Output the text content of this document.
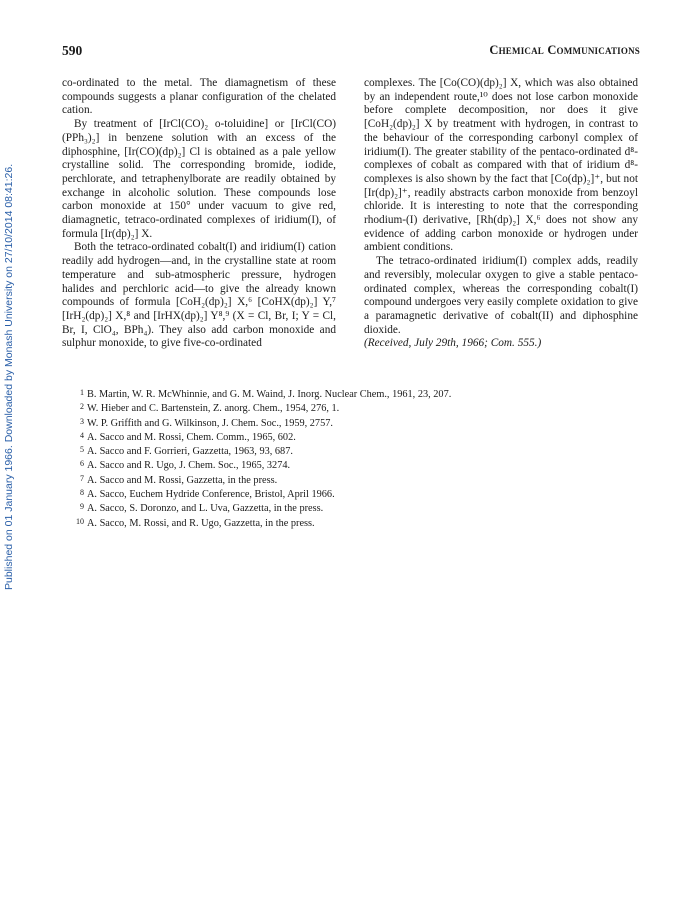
Published on 01 January 1966. Downloaded by Monash University on 27/10/2014 08:41:26.
590	Chemical Communications

co-ordinated to the metal. The diamagnetism of these compounds suggests a planar configuration of the chelated cation.

By treatment of [IrCl(CO)₂ o-toluidine] or [IrCl(CO)(PPh₃)₂] in benzene solution with an excess of the diphosphine, [Ir(CO)(dp)₂] Cl is obtained as a pale yellow crystalline solid. The corresponding bromide, iodide, perchlorate, and tetraphenylborate are readily obtained by exchange in alcoholic solution. These compounds lose carbon monoxide at 150° under vacuum to give red, diamagnetic, tetraco-ordinated complexes of iridium(I), of formula [Ir(dp)₂] X.

Both the tetraco-ordinated cobalt(I) and iridium(I) cation readily add hydrogen—and, in the crystalline state at room temperature and sub-atmospheric pressure, hydrogen halides and perchloric acid—to give the already known compounds of formula [CoH₂(dp)₂] X,⁶ [CoHX(dp)₂] Y,⁷ [IrH₂(dp)₂] X,⁸ and [IrHX(dp)₂] Y⁸,⁹ (X = Cl, Br, I; Y = Cl, Br, I, ClO₄, BPh₄). They also add carbon monoxide and sulphur monoxide, to give five-co-ordinated

complexes. The [Co(CO)(dp)₂] X, which was also obtained by an independent route,¹⁰ does not lose carbon monoxide before complete decomposition, nor does it give [CoH₂(dp)₂] X by treatment with hydrogen, in contrast to the behaviour of the corresponding carbonyl complex of iridium(I). The greater stability of the pentaco-ordinated d⁸-complexes of cobalt as compared with that of iridium d⁸-complexes is also shown by the fact that [Co(dp)₂]⁺, but not [Ir(dp)₂]⁺, readily abstracts carbon monoxide from benzoyl chloride. It is interesting to note that the corresponding rhodium-(I) derivative, [Rh(dp)₂] X,⁶ does not show any evidence of adding carbon monoxide or hydrogen under ambient conditions.

The tetraco-ordinated iridium(I) complex adds, readily and reversibly, molecular oxygen to give a stable pentaco-ordinated complex, whereas the corresponding cobalt(I) compound undergoes very easily complete oxidation to give a paramagnetic derivative of cobalt(II) and diphosphine dioxide.

(Received, July 29th, 1966; Com. 555.)

1 B. Martin, W. R. McWhinnie, and G. M. Waind, J. Inorg. Nuclear Chem., 1961, 23, 207.
2 W. Hieber and C. Bartenstein, Z. anorg. Chem., 1954, 276, 1.
3 W. P. Griffith and G. Wilkinson, J. Chem. Soc., 1959, 2757.
4 A. Sacco and M. Rossi, Chem. Comm., 1965, 602.
5 A. Sacco and F. Gorrieri, Gazzetta, 1963, 93, 687.
6 A. Sacco and R. Ugo, J. Chem. Soc., 1965, 3274.
7 A. Sacco and M. Rossi, Gazzetta, in the press.
8 A. Sacco, Euchem Hydride Conference, Bristol, April 1966.
9 A. Sacco, S. Doronzo, and L. Uva, Gazzetta, in the press.
10 A. Sacco, M. Rossi, and R. Ugo, Gazzetta, in the press.
